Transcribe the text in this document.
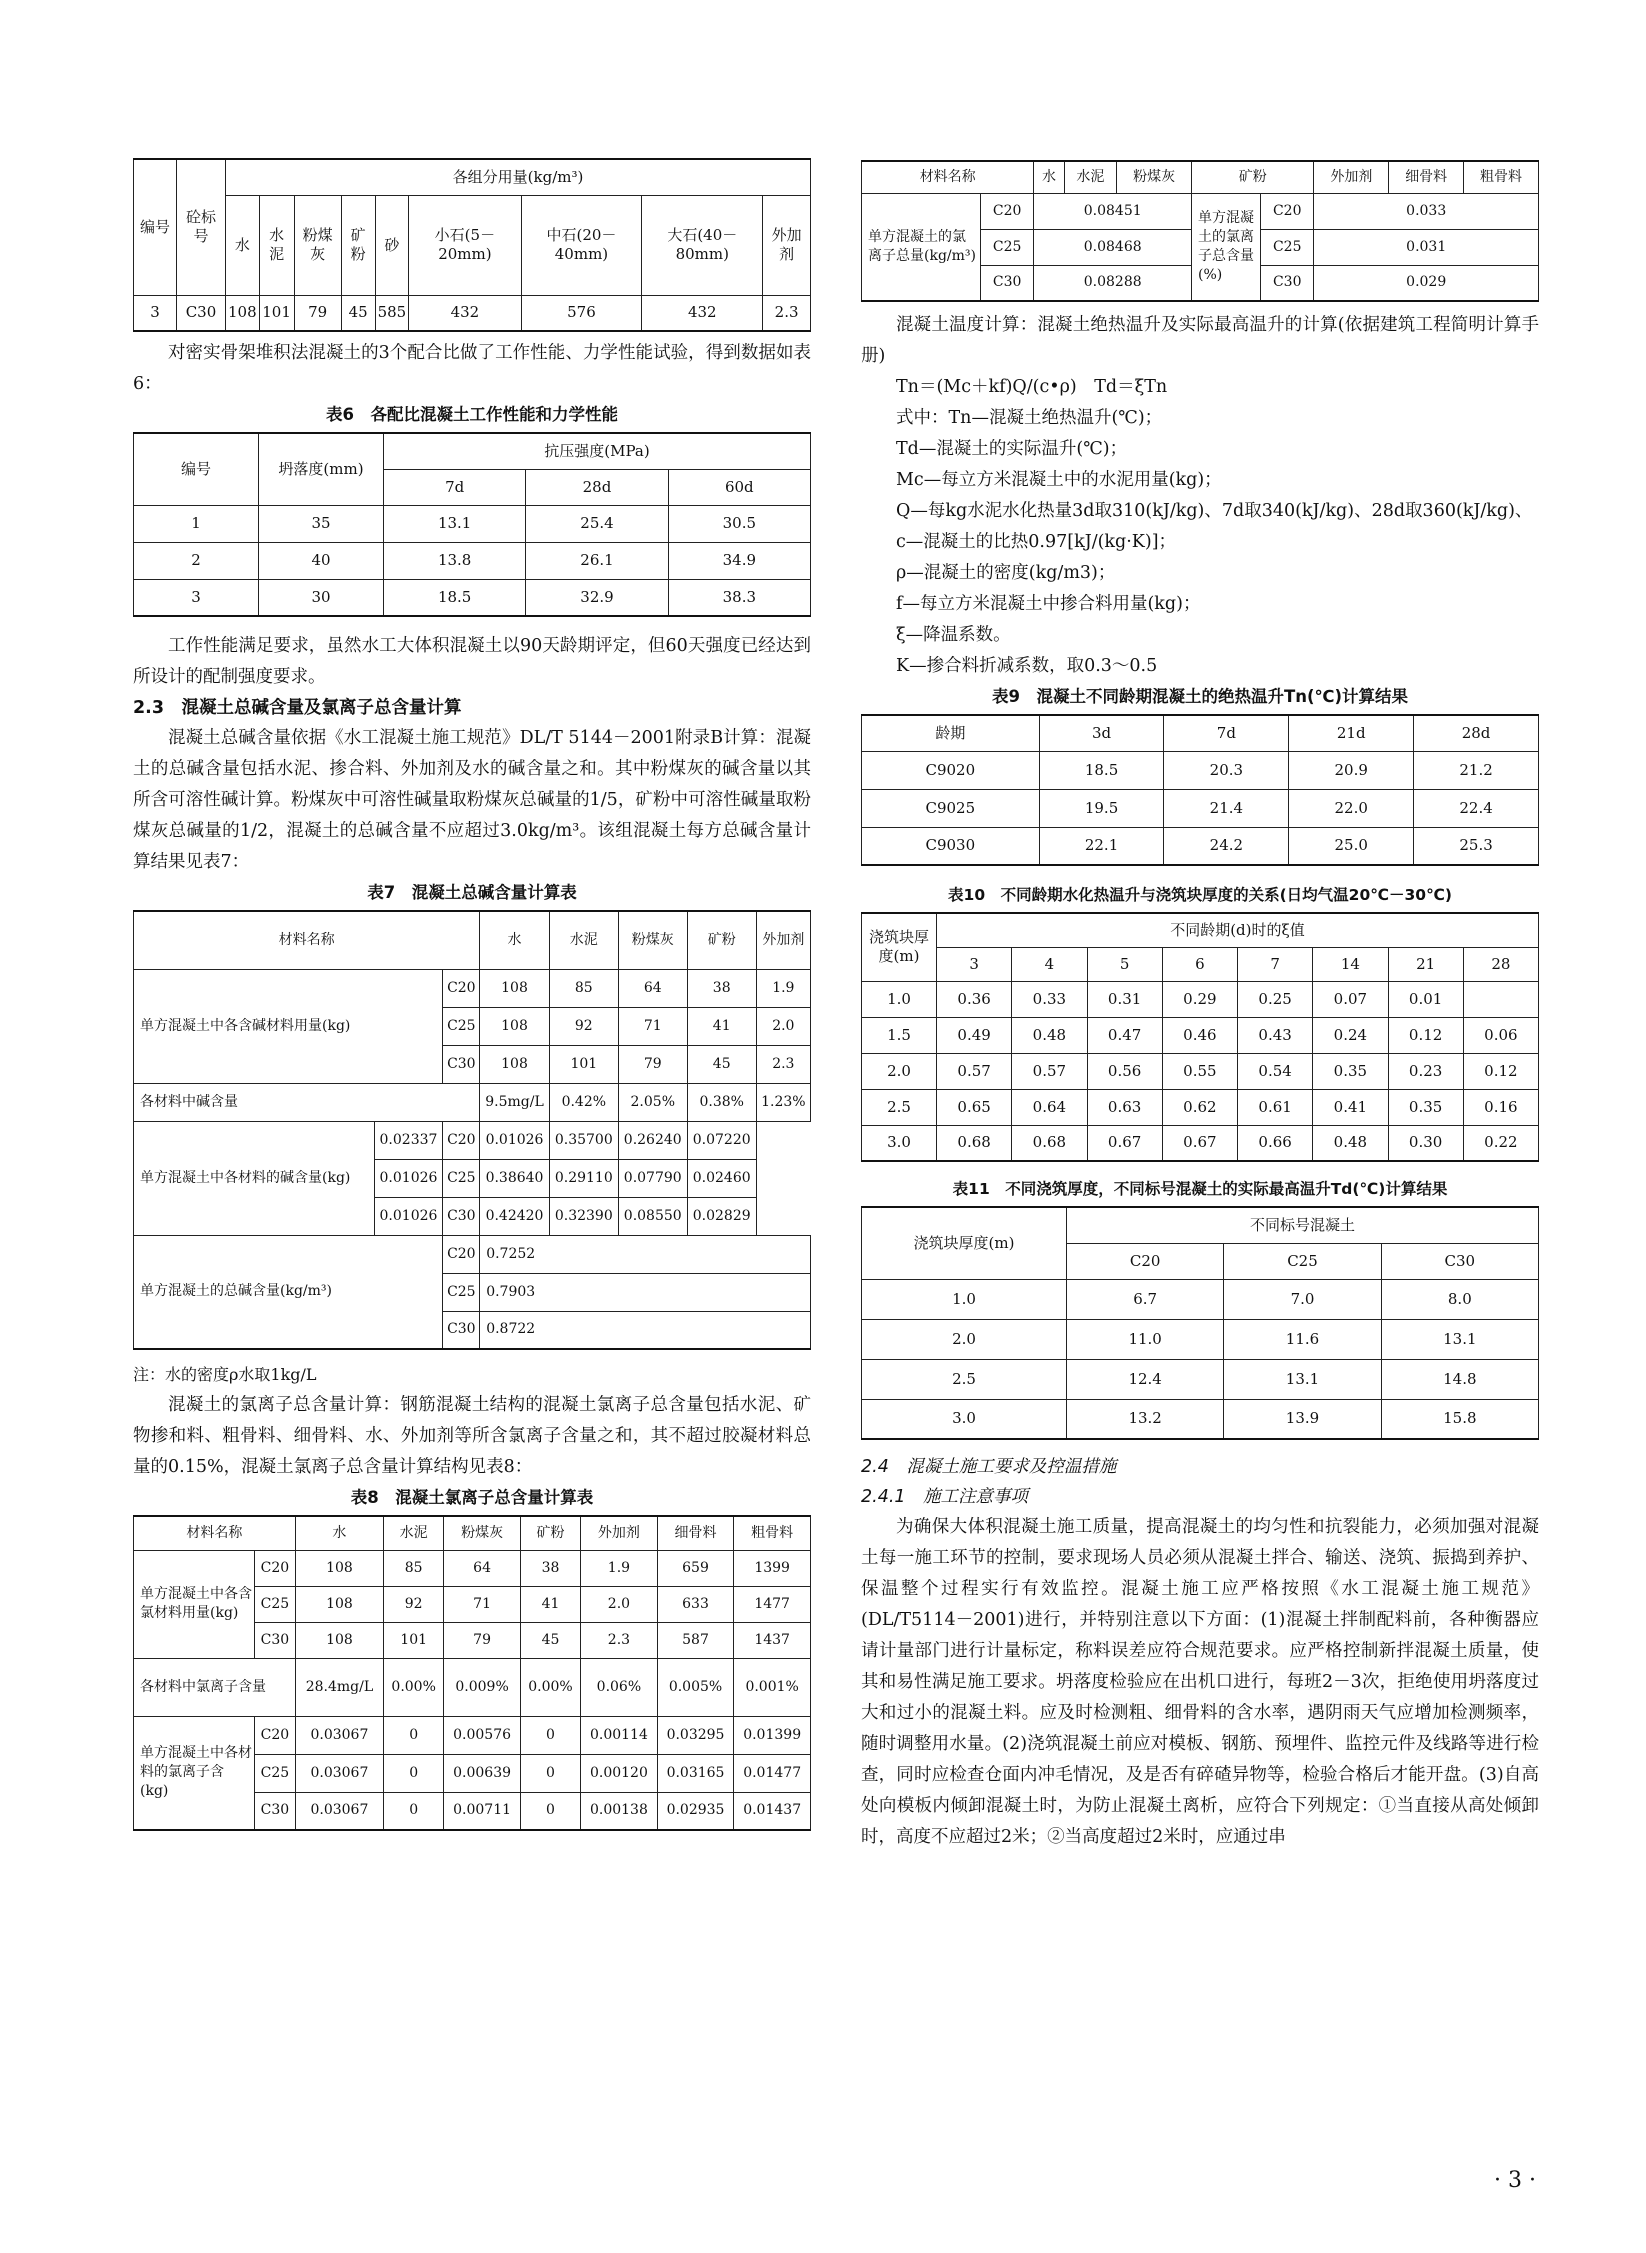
编号	砼标号	各组分用量(kg/m³)								
		水	水泥	粉煤灰	矿粉	砂	小石(5－20mm)	中石(20－40mm)	大石(40－80mm)	外加剂
3	C30	108	101	79	45	585	432	576	432	2.3

对密实骨架堆积法混凝土的3个配合比做了工作性能、力学性能试验，得到数据如表6：

表6　各配比混凝土工作性能和力学性能
编号	坍落度(mm)	抗压强度(MPa)		
		7d	28d	60d
1	35	13.1	25.4	30.5
2	40	13.8	26.1	34.9
3	30	18.5	32.9	38.3

工作性能满足要求，虽然水工大体积混凝土以90天龄期评定，但60天强度已经达到所设计的配制强度要求。

2.3　混凝土总碱含量及氯离子总含量计算

混凝土总碱含量依据《水工混凝土施工规范》DL/T 5144－2001附录B计算：混凝土的总碱含量包括水泥、掺合料、外加剂及水的碱含量之和。其中粉煤灰的碱含量以其所含可溶性碱计算。粉煤灰中可溶性碱量取粉煤灰总碱量的1/5，矿粉中可溶性碱量取粉煤灰总碱量的1/2，混凝土的总碱含量不应超过3.0kg/m³。该组混凝土每方总碱含量计算结果见表7：

表7　混凝土总碱含量计算表
材料名称			水	水泥	粉煤灰	矿粉	外加剂
单方混凝土中各含碱材料用量(kg)		C20	108	85	64	38	1.9
		C25	108	92	71	41	2.0
		C30	108	101	79	45	2.3
各材料中碱含量			9.5mg/L	0.42%	2.05%	0.38%	1.23%
单方混凝土中各材料的碱含量(kg)	0.02337	C20	0.01026	0.35700	0.26240	0.07220	
	0.01026	C25	0.38640	0.29110	0.07790	0.02460	
	0.01026	C30	0.42420	0.32390	0.08550	0.02829	
单方混凝土的总碱含量(kg/m³)		C20	0.7252				
		C25	0.7903				
		C30	0.8722				

注：水的密度ρ水取1kg/L

混凝土的氯离子总含量计算：钢筋混凝土结构的混凝土氯离子总含量包括水泥、矿物掺和料、粗骨料、细骨料、水、外加剂等所含氯离子含量之和，其不超过胶凝材料总量的0.15%，混凝土氯离子总含量计算结构见表8：

表8　混凝土氯离子总含量计算表
材料名称		水	水泥	粉煤灰	矿粉	外加剂	细骨料	粗骨料
单方混凝土中各含氯材料用量(kg)	C20	108	85	64	38	1.9	659	1399
	C25	108	92	71	41	2.0	633	1477
	C30	108	101	79	45	2.3	587	1437
各材料中氯离子含量		28.4mg/L	0.00%	0.009%	0.00%	0.06%	0.005%	0.001%
单方混凝土中各材料的氯离子含(kg)	C20	0.03067	0	0.00576	0	0.00114	0.03295	0.01399
	C25	0.03067	0	0.00639	0	0.00120	0.03165	0.01477
	C30	0.03067	0	0.00711	0	0.00138	0.02935	0.01437
材料名称		水	水泥	粉煤灰	矿粉		外加剂	细骨料	粗骨料
单方混凝土的氯离子总量(kg/m³)	C20	0.08451			单方混凝土的氯离子总含量(%)	C20	0.033		
	C25	0.08468				C25	0.031		
	C30	0.08288				C30	0.029		

混凝土温度计算：混凝土绝热温升及实际最高温升的计算(依据建筑工程简明计算手册)

Tn＝(Mc＋kf)Q/(c•ρ)　Td＝ξTn

式中：Tn—混凝土绝热温升(℃)；

Td—混凝土的实际温升(℃)；

Mc—每立方米混凝土中的水泥用量(kg)；

Q—每kg水泥水化热量3d取310(kJ/kg)、7d取340(kJ/kg)、28d取360(kJ/kg)、

c—混凝土的比热0.97[kJ/(kg·K)]；

ρ—混凝土的密度(kg/m3)；

f—每立方米混凝土中掺合料用量(kg)；

ξ—降温系数。

K—掺合料折减系数，取0.3～0.5

表9　混凝土不同龄期混凝土的绝热温升Tn(℃)计算结果
龄期	3d	7d	21d	28d
C9020	18.5	20.3	20.9	21.2
C9025	19.5	21.4	22.0	22.4
C9030	22.1	24.2	25.0	25.3
表10　不同龄期水化热温升与浇筑块厚度的关系(日均气温20℃－30℃)
浇筑块厚度(m)	不同龄期(d)时的ξ值							
	3	4	5	6	7	14	21	28
1.0	0.36	0.33	0.31	0.29	0.25	0.07	0.01	
1.5	0.49	0.48	0.47	0.46	0.43	0.24	0.12	0.06
2.0	0.57	0.57	0.56	0.55	0.54	0.35	0.23	0.12
2.5	0.65	0.64	0.63	0.62	0.61	0.41	0.35	0.16
3.0	0.68	0.68	0.67	0.67	0.66	0.48	0.30	0.22
表11　不同浇筑厚度，不同标号混凝土的实际最高温升Td(℃)计算结果
浇筑块厚度(m)	不同标号混凝土		
	C20	C25	C30
1.0	6.7	7.0	8.0
2.0	11.0	11.6	13.1
2.5	12.4	13.1	14.8
3.0	13.2	13.9	15.8
2.4　混凝土施工要求及控温措施
2.4.1　施工注意事项

为确保大体积混凝土施工质量，提高混凝土的均匀性和抗裂能力，必须加强对混凝土每一施工环节的控制，要求现场人员必须从混凝土拌合、输送、浇筑、振捣到养护、保温整个过程实行有效监控。混凝土施工应严格按照《水工混凝土施工规范》(DL/T5114－2001)进行，并特别注意以下方面：(1)混凝土拌制配料前，各种衡器应请计量部门进行计量标定，称料误差应符合规范要求。应严格控制新拌混凝土质量，使其和易性满足施工要求。坍落度检验应在出机口进行，每班2－3次，拒绝使用坍落度过大和过小的混凝土料。应及时检测粗、细骨料的含水率，遇阴雨天气应增加检测频率，随时调整用水量。(2)浇筑混凝土前应对模板、钢筋、预埋件、监控元件及线路等进行检查，同时应检查仓面内冲毛情况，及是否有碎碴异物等，检验合格后才能开盘。(3)自高处向模板内倾卸混凝土时，为防止混凝土离析，应符合下列规定：①当直接从高处倾卸时，高度不应超过2米；②当高度超过2米时，应通过串

· 3 ·
